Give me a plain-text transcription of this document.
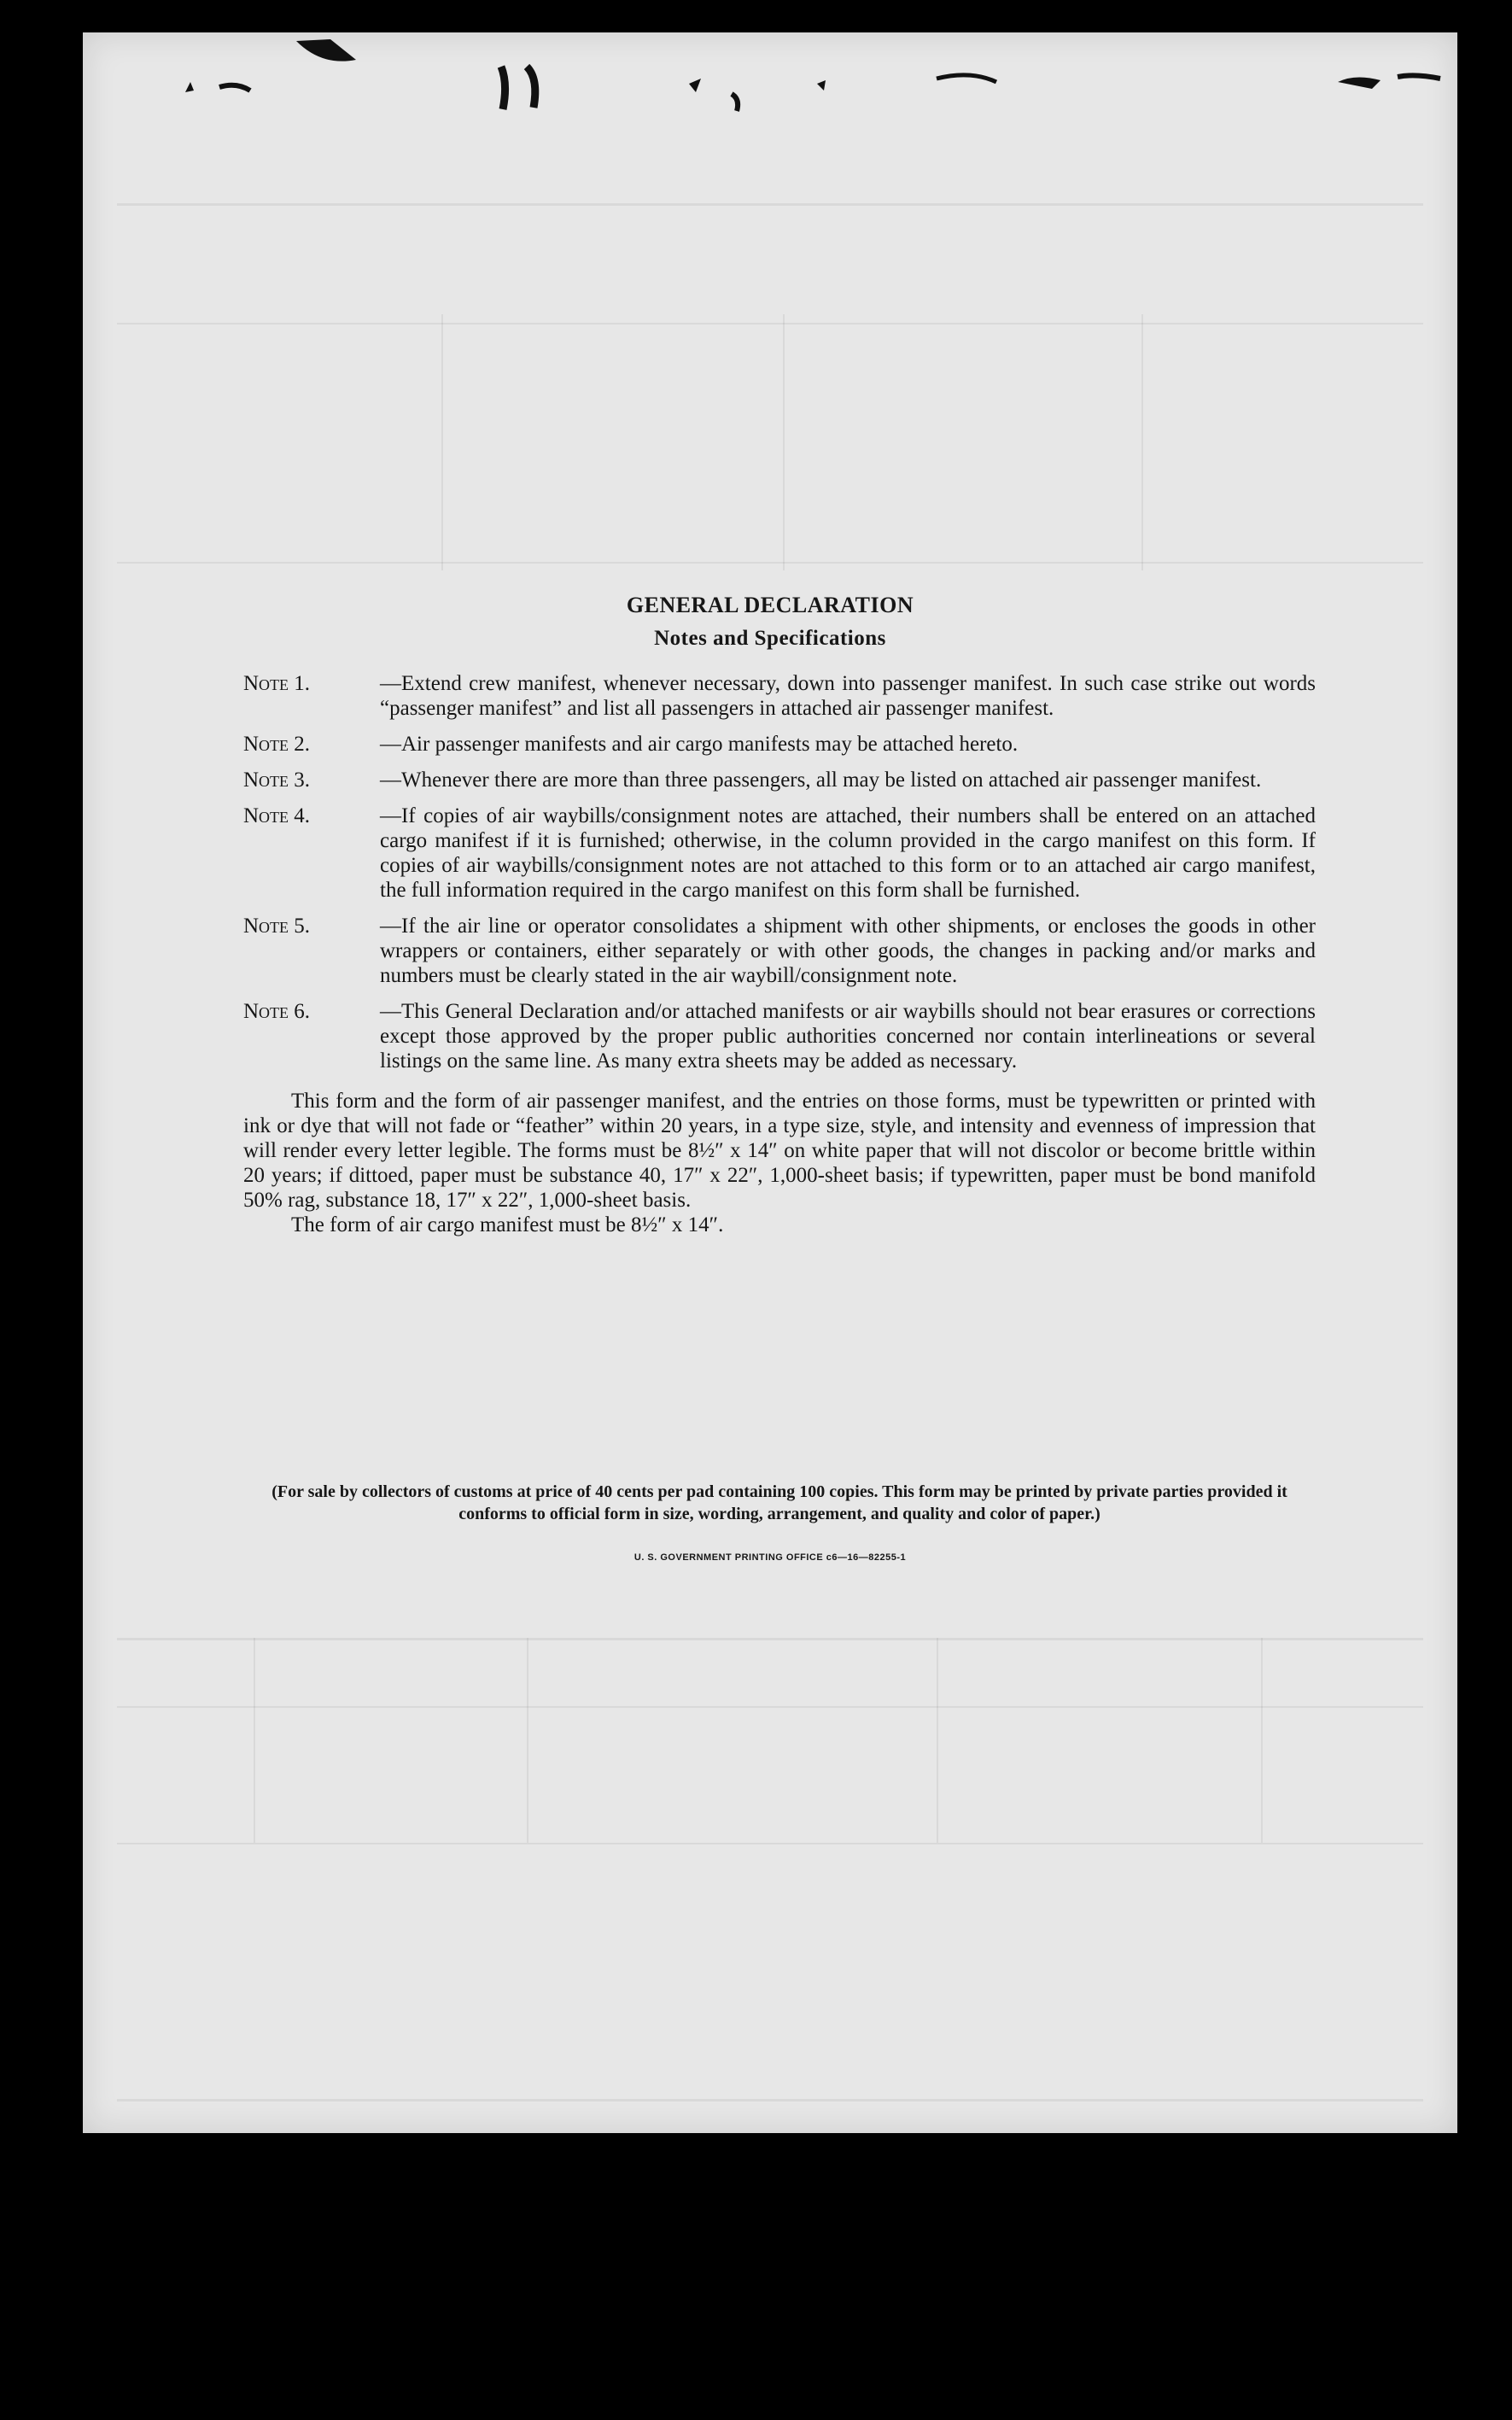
GENERAL DECLARATION
Notes and Specifications
Note 1.	—Extend crew manifest, whenever necessary, down into passenger manifest. In such case strike out words “passenger manifest” and list all passengers in attached air passenger manifest.
Note 2.	—Air passenger manifests and air cargo manifests may be attached hereto.
Note 3.	—Whenever there are more than three passengers, all may be listed on attached air passenger manifest.
Note 4.	—If copies of air waybills/consignment notes are attached, their numbers shall be entered on an attached cargo manifest if it is furnished; otherwise, in the column provided in the cargo manifest on this form. If copies of air waybills/consignment notes are not attached to this form or to an attached air cargo manifest, the full information required in the cargo manifest on this form shall be furnished.
Note 5.	—If the air line or operator consolidates a shipment with other shipments, or encloses the goods in other wrappers or containers, either separately or with other goods, the changes in packing and/or marks and numbers must be clearly stated in the air waybill/consignment note.
Note 6.	—This General Declaration and/or attached manifests or air waybills should not bear erasures or corrections except those approved by the proper public authorities concerned nor contain interlineations or several listings on the same line. As many extra sheets may be added as necessary.
This form and the form of air passenger manifest, and the entries on those forms, must be typewritten or printed with ink or dye that will not fade or “feather” within 20 years, in a type size, style, and intensity and evenness of impression that will render every letter legible. The forms must be 8½″ x 14″ on white paper that will not discolor or become brittle within 20 years; if dittoed, paper must be substance 40, 17″ x 22″, 1,000-sheet basis; if typewritten, paper must be bond manifold 50% rag, substance 18, 17″ x 22″, 1,000-sheet basis.
The form of air cargo manifest must be 8½″ x 14″.
(For sale by collectors of customs at price of 40 cents per pad containing 100 copies. This form may be printed by private parties provided it conforms to official form in size, wording, arrangement, and quality and color of paper.)
U. S. GOVERNMENT PRINTING OFFICE c6—16—82255-1
